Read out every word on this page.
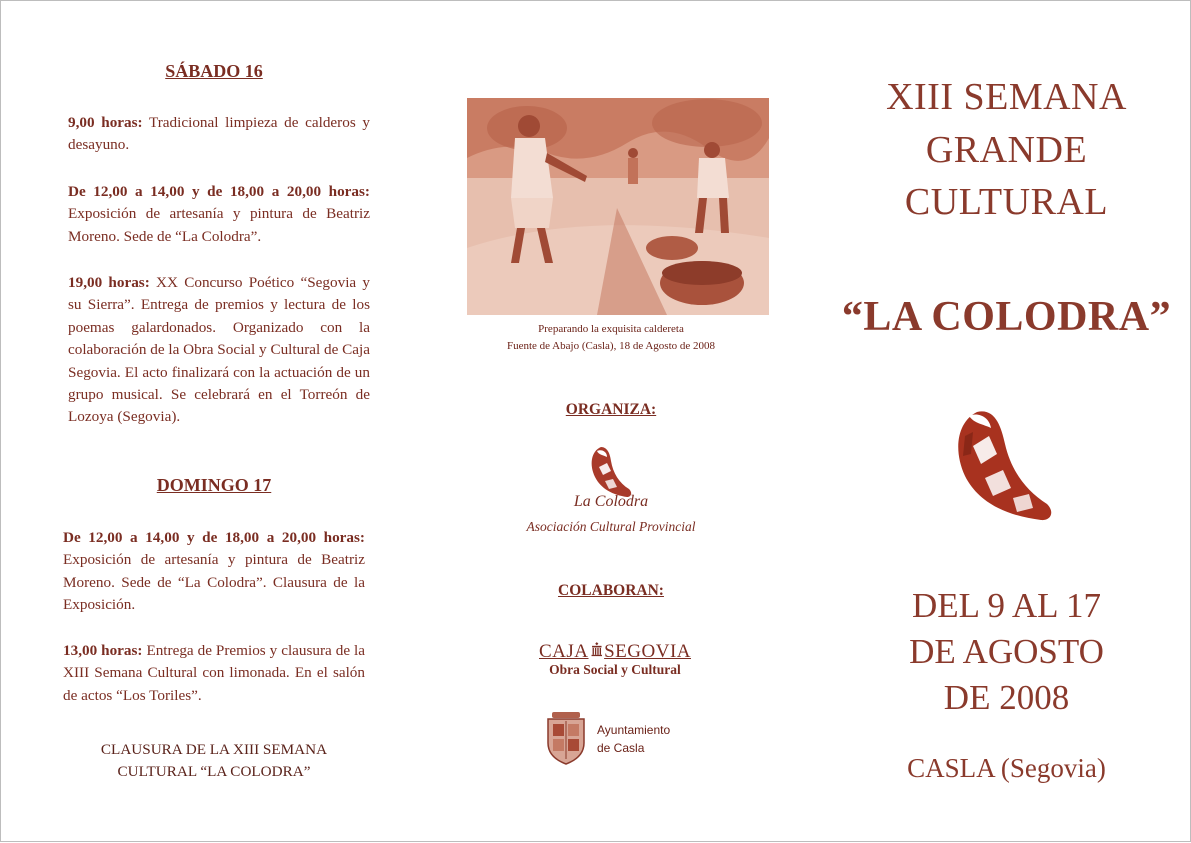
SÁBADO 16

9,00 horas: Tradicional limpieza de calderos y desayuno.

De 12,00 a 14,00 y de 18,00 a 20,00 horas: Exposición de artesanía y pintura de Beatriz Moreno. Sede de “La Colodra”.

19,00 horas: XX Concurso Poético “Segovia y su Sierra”. Entrega de premios y lectura de los poemas galardonados. Organizado con la colaboración de la Obra Social y Cultural de Caja Segovia. El acto finalizará con la actuación de un grupo musical. Se celebrará en el Torreón de Lozoya (Segovia).

DOMINGO 17

De 12,00 a 14,00 y de 18,00 a 20,00 horas: Exposición de artesanía y pintura de Beatriz Moreno. Sede de “La Colodra”. Clausura de la Exposición.

13,00 horas: Entrega de Premios y clausura de la XIII Semana Cultural con limonada. En el salón de actos “Los Toriles”.

CLAUSURA DE LA XIII SEMANA
CULTURAL “LA COLODRA”
Preparando la exquisita caldereta
Fuente de Abajo (Casla), 18 de Agosto de 2008
ORGANIZA:
La Colodra
Asociación Cultural Provincial
COLABORAN:
CAJA SEGOVIA
Obra Social y Cultural
Ayuntamiento
de Casla
XIII SEMANA
GRANDE
CULTURAL
“LA COLODRA”
DEL 9 AL 17
DE AGOSTO
DE 2008
CASLA (Segovia)
